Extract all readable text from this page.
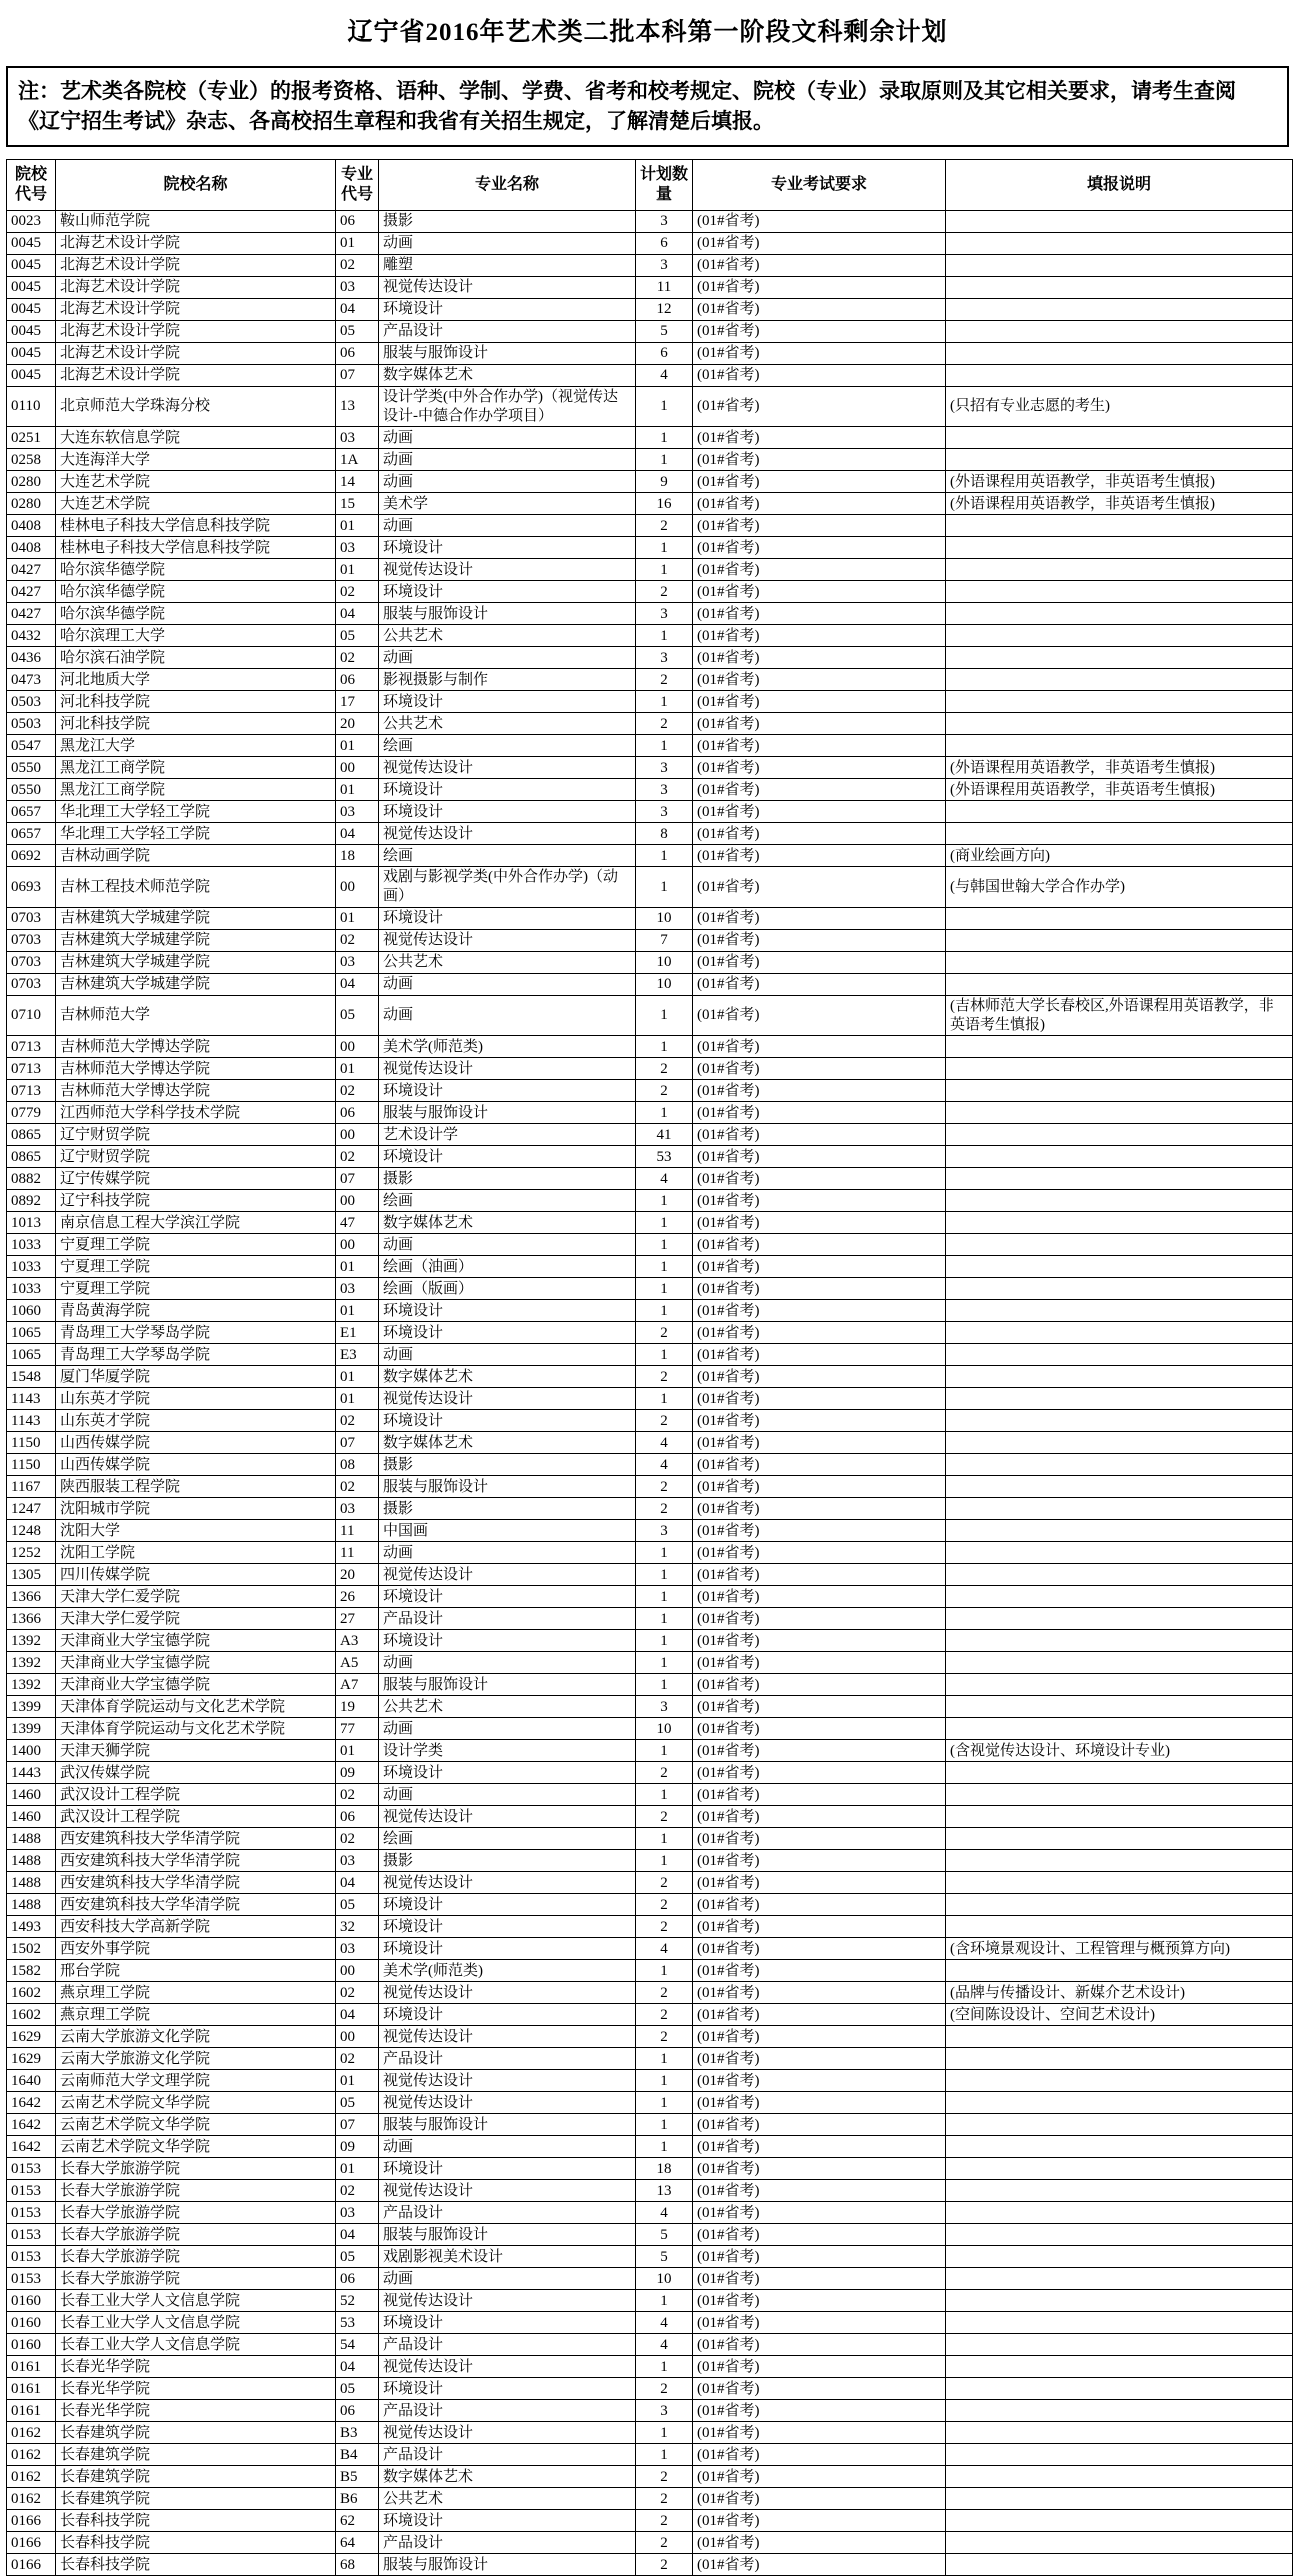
辽宁省2016年艺术类二批本科第一阶段文科剩余计划
注：艺术类各院校（专业）的报考资格、语种、学制、学费、省考和校考规定、院校（专业）录取原则及其它相关要求，请考生查阅《辽宁招生考试》杂志、各高校招生章程和我省有关招生规定，了解清楚后填报。
院校代号	院校名称	专业代号	专业名称	计划数量	专业考试要求	填报说明
0023	鞍山师范学院	06	摄影	3	(01#省考)	
0045	北海艺术设计学院	01	动画	6	(01#省考)	
0045	北海艺术设计学院	02	雕塑	3	(01#省考)	
0045	北海艺术设计学院	03	视觉传达设计	11	(01#省考)	
0045	北海艺术设计学院	04	环境设计	12	(01#省考)	
0045	北海艺术设计学院	05	产品设计	5	(01#省考)	
0045	北海艺术设计学院	06	服装与服饰设计	6	(01#省考)	
0045	北海艺术设计学院	07	数字媒体艺术	4	(01#省考)	
0110	北京师范大学珠海分校	13	设计学类(中外合作办学)（视觉传达设计-中德合作办学项目）	1	(01#省考)	(只招有专业志愿的考生)
0251	大连东软信息学院	03	动画	1	(01#省考)	
0258	大连海洋大学	1A	动画	1	(01#省考)	
0280	大连艺术学院	14	动画	9	(01#省考)	(外语课程用英语教学，非英语考生慎报)
0280	大连艺术学院	15	美术学	16	(01#省考)	(外语课程用英语教学，非英语考生慎报)
0408	桂林电子科技大学信息科技学院	01	动画	2	(01#省考)	
0408	桂林电子科技大学信息科技学院	03	环境设计	1	(01#省考)	
0427	哈尔滨华德学院	01	视觉传达设计	1	(01#省考)	
0427	哈尔滨华德学院	02	环境设计	2	(01#省考)	
0427	哈尔滨华德学院	04	服装与服饰设计	3	(01#省考)	
0432	哈尔滨理工大学	05	公共艺术	1	(01#省考)	
0436	哈尔滨石油学院	02	动画	3	(01#省考)	
0473	河北地质大学	06	影视摄影与制作	2	(01#省考)	
0503	河北科技学院	17	环境设计	1	(01#省考)	
0503	河北科技学院	20	公共艺术	2	(01#省考)	
0547	黑龙江大学	01	绘画	1	(01#省考)	
0550	黑龙江工商学院	00	视觉传达设计	3	(01#省考)	(外语课程用英语教学，非英语考生慎报)
0550	黑龙江工商学院	01	环境设计	3	(01#省考)	(外语课程用英语教学，非英语考生慎报)
0657	华北理工大学轻工学院	03	环境设计	3	(01#省考)	
0657	华北理工大学轻工学院	04	视觉传达设计	8	(01#省考)	
0692	吉林动画学院	18	绘画	1	(01#省考)	(商业绘画方向)
0693	吉林工程技术师范学院	00	戏剧与影视学类(中外合作办学)（动画）	1	(01#省考)	(与韩国世翰大学合作办学)
0703	吉林建筑大学城建学院	01	环境设计	10	(01#省考)	
0703	吉林建筑大学城建学院	02	视觉传达设计	7	(01#省考)	
0703	吉林建筑大学城建学院	03	公共艺术	10	(01#省考)	
0703	吉林建筑大学城建学院	04	动画	10	(01#省考)	
0710	吉林师范大学	05	动画	1	(01#省考)	(吉林师范大学长春校区,外语课程用英语教学，非英语考生慎报)
0713	吉林师范大学博达学院	00	美术学(师范类)	1	(01#省考)	
0713	吉林师范大学博达学院	01	视觉传达设计	2	(01#省考)	
0713	吉林师范大学博达学院	02	环境设计	2	(01#省考)	
0779	江西师范大学科学技术学院	06	服装与服饰设计	1	(01#省考)	
0865	辽宁财贸学院	00	艺术设计学	41	(01#省考)	
0865	辽宁财贸学院	02	环境设计	53	(01#省考)	
0882	辽宁传媒学院	07	摄影	4	(01#省考)	
0892	辽宁科技学院	00	绘画	1	(01#省考)	
1013	南京信息工程大学滨江学院	47	数字媒体艺术	1	(01#省考)	
1033	宁夏理工学院	00	动画	1	(01#省考)	
1033	宁夏理工学院	01	绘画（油画）	1	(01#省考)	
1033	宁夏理工学院	03	绘画（版画）	1	(01#省考)	
1060	青岛黄海学院	01	环境设计	1	(01#省考)	
1065	青岛理工大学琴岛学院	E1	环境设计	2	(01#省考)	
1065	青岛理工大学琴岛学院	E3	动画	1	(01#省考)	
1548	厦门华厦学院	01	数字媒体艺术	2	(01#省考)	
1143	山东英才学院	01	视觉传达设计	1	(01#省考)	
1143	山东英才学院	02	环境设计	2	(01#省考)	
1150	山西传媒学院	07	数字媒体艺术	4	(01#省考)	
1150	山西传媒学院	08	摄影	4	(01#省考)	
1167	陕西服装工程学院	02	服装与服饰设计	2	(01#省考)	
1247	沈阳城市学院	03	摄影	2	(01#省考)	
1248	沈阳大学	11	中国画	3	(01#省考)	
1252	沈阳工学院	11	动画	1	(01#省考)	
1305	四川传媒学院	20	视觉传达设计	1	(01#省考)	
1366	天津大学仁爱学院	26	环境设计	1	(01#省考)	
1366	天津大学仁爱学院	27	产品设计	1	(01#省考)	
1392	天津商业大学宝德学院	A3	环境设计	1	(01#省考)	
1392	天津商业大学宝德学院	A5	动画	1	(01#省考)	
1392	天津商业大学宝德学院	A7	服装与服饰设计	1	(01#省考)	
1399	天津体育学院运动与文化艺术学院	19	公共艺术	3	(01#省考)	
1399	天津体育学院运动与文化艺术学院	77	动画	10	(01#省考)	
1400	天津天狮学院	01	设计学类	1	(01#省考)	(含视觉传达设计、环境设计专业)
1443	武汉传媒学院	09	环境设计	2	(01#省考)	
1460	武汉设计工程学院	02	动画	1	(01#省考)	
1460	武汉设计工程学院	06	视觉传达设计	2	(01#省考)	
1488	西安建筑科技大学华清学院	02	绘画	1	(01#省考)	
1488	西安建筑科技大学华清学院	03	摄影	1	(01#省考)	
1488	西安建筑科技大学华清学院	04	视觉传达设计	2	(01#省考)	
1488	西安建筑科技大学华清学院	05	环境设计	2	(01#省考)	
1493	西安科技大学高新学院	32	环境设计	2	(01#省考)	
1502	西安外事学院	03	环境设计	4	(01#省考)	(含环境景观设计、工程管理与概预算方向)
1582	邢台学院	00	美术学(师范类)	1	(01#省考)	
1602	燕京理工学院	02	视觉传达设计	2	(01#省考)	(品牌与传播设计、新媒介艺术设计)
1602	燕京理工学院	04	环境设计	2	(01#省考)	(空间陈设设计、空间艺术设计)
1629	云南大学旅游文化学院	00	视觉传达设计	2	(01#省考)	
1629	云南大学旅游文化学院	02	产品设计	1	(01#省考)	
1640	云南师范大学文理学院	01	视觉传达设计	1	(01#省考)	
1642	云南艺术学院文华学院	05	视觉传达设计	1	(01#省考)	
1642	云南艺术学院文华学院	07	服装与服饰设计	1	(01#省考)	
1642	云南艺术学院文华学院	09	动画	1	(01#省考)	
0153	长春大学旅游学院	01	环境设计	18	(01#省考)	
0153	长春大学旅游学院	02	视觉传达设计	13	(01#省考)	
0153	长春大学旅游学院	03	产品设计	4	(01#省考)	
0153	长春大学旅游学院	04	服装与服饰设计	5	(01#省考)	
0153	长春大学旅游学院	05	戏剧影视美术设计	5	(01#省考)	
0153	长春大学旅游学院	06	动画	10	(01#省考)	
0160	长春工业大学人文信息学院	52	视觉传达设计	1	(01#省考)	
0160	长春工业大学人文信息学院	53	环境设计	4	(01#省考)	
0160	长春工业大学人文信息学院	54	产品设计	4	(01#省考)	
0161	长春光华学院	04	视觉传达设计	1	(01#省考)	
0161	长春光华学院	05	环境设计	2	(01#省考)	
0161	长春光华学院	06	产品设计	3	(01#省考)	
0162	长春建筑学院	B3	视觉传达设计	1	(01#省考)	
0162	长春建筑学院	B4	产品设计	1	(01#省考)	
0162	长春建筑学院	B5	数字媒体艺术	2	(01#省考)	
0162	长春建筑学院	B6	公共艺术	2	(01#省考)	
0166	长春科技学院	62	环境设计	2	(01#省考)	
0166	长春科技学院	64	产品设计	2	(01#省考)	
0166	长春科技学院	68	服装与服饰设计	2	(01#省考)	
